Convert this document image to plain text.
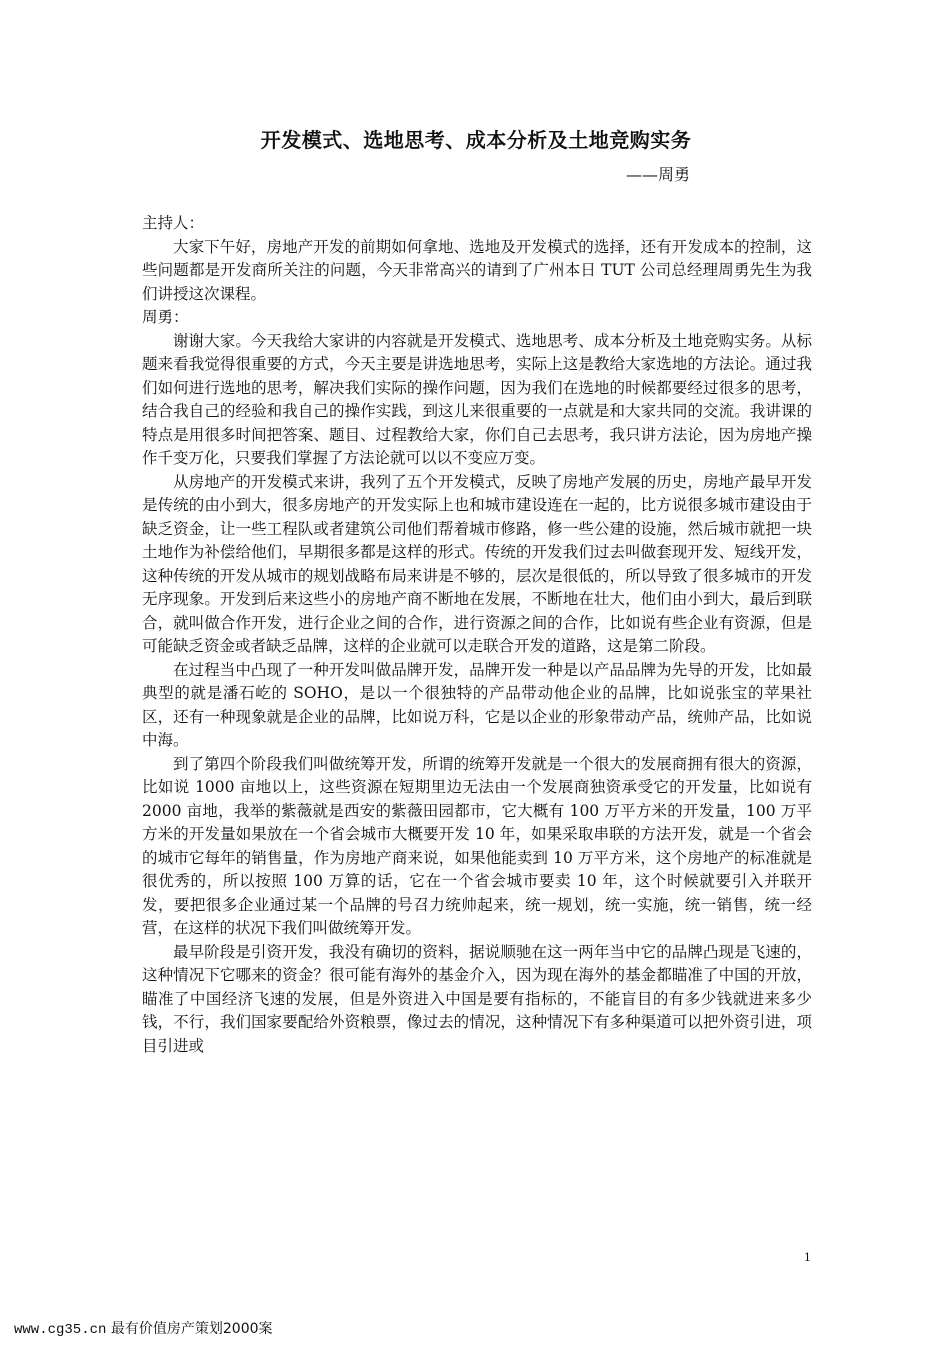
开发模式、选地思考、成本分析及土地竞购实务
——周勇

主持人：

大家下午好，房地产开发的前期如何拿地、选地及开发模式的选择，还有开发成本的控制，这些问题都是开发商所关注的问题，今天非常高兴的请到了广州本日 TUT 公司总经理周勇先生为我们讲授这次课程。

周勇：

谢谢大家。今天我给大家讲的内容就是开发模式、选地思考、成本分析及土地竞购实务。从标题来看我觉得很重要的方式，今天主要是讲选地思考，实际上这是教给大家选地的方法论。通过我们如何进行选地的思考，解决我们实际的操作问题，因为我们在选地的时候都要经过很多的思考，结合我自己的经验和我自己的操作实践，到这儿来很重要的一点就是和大家共同的交流。我讲课的特点是用很多时间把答案、题目、过程教给大家，你们自己去思考，我只讲方法论，因为房地产操作千变万化，只要我们掌握了方法论就可以以不变应万变。

从房地产的开发模式来讲，我列了五个开发模式，反映了房地产发展的历史，房地产最早开发是传统的由小到大，很多房地产的开发实际上也和城市建设连在一起的，比方说很多城市建设由于缺乏资金，让一些工程队或者建筑公司他们帮着城市修路，修一些公建的设施，然后城市就把一块土地作为补偿给他们，早期很多都是这样的形式。传统的开发我们过去叫做套现开发、短线开发，这种传统的开发从城市的规划战略布局来讲是不够的，层次是很低的，所以导致了很多城市的开发无序现象。开发到后来这些小的房地产商不断地在发展，不断地在壮大，他们由小到大，最后到联合，就叫做合作开发，进行企业之间的合作，进行资源之间的合作，比如说有些企业有资源，但是可能缺乏资金或者缺乏品牌，这样的企业就可以走联合开发的道路，这是第二阶段。

在过程当中凸现了一种开发叫做品牌开发，品牌开发一种是以产品品牌为先导的开发，比如最典型的就是潘石屹的 SOHO，是以一个很独特的产品带动他企业的品牌，比如说张宝的苹果社区，还有一种现象就是企业的品牌，比如说万科，它是以企业的形象带动产品，统帅产品，比如说中海。

到了第四个阶段我们叫做统筹开发，所谓的统筹开发就是一个很大的发展商拥有很大的资源，比如说 1000 亩地以上，这些资源在短期里边无法由一个发展商独资承受它的开发量，比如说有 2000 亩地，我举的紫薇就是西安的紫薇田园都市，它大概有 100 万平方米的开发量，100 万平方米的开发量如果放在一个省会城市大概要开发 10 年，如果采取串联的方法开发，就是一个省会的城市它每年的销售量，作为房地产商来说，如果他能卖到 10 万平方米，这个房地产的标准就是很优秀的，所以按照 100 万算的话，它在一个省会城市要卖 10 年，这个时候就要引入并联开发，要把很多企业通过某一个品牌的号召力统帅起来，统一规划，统一实施，统一销售，统一经营，在这样的状况下我们叫做统筹开发。

最早阶段是引资开发，我没有确切的资料，据说顺驰在这一两年当中它的品牌凸现是飞速的，这种情况下它哪来的资金？很可能有海外的基金介入，因为现在海外的基金都瞄准了中国的开放，瞄准了中国经济飞速的发展，但是外资进入中国是要有指标的，不能盲目的有多少钱就进来多少钱，不行，我们国家要配给外资粮票，像过去的情况，这种情况下有多种渠道可以把外资引进，项目引进或

1
www.cg35.cn 最有价值房产策划2000案
